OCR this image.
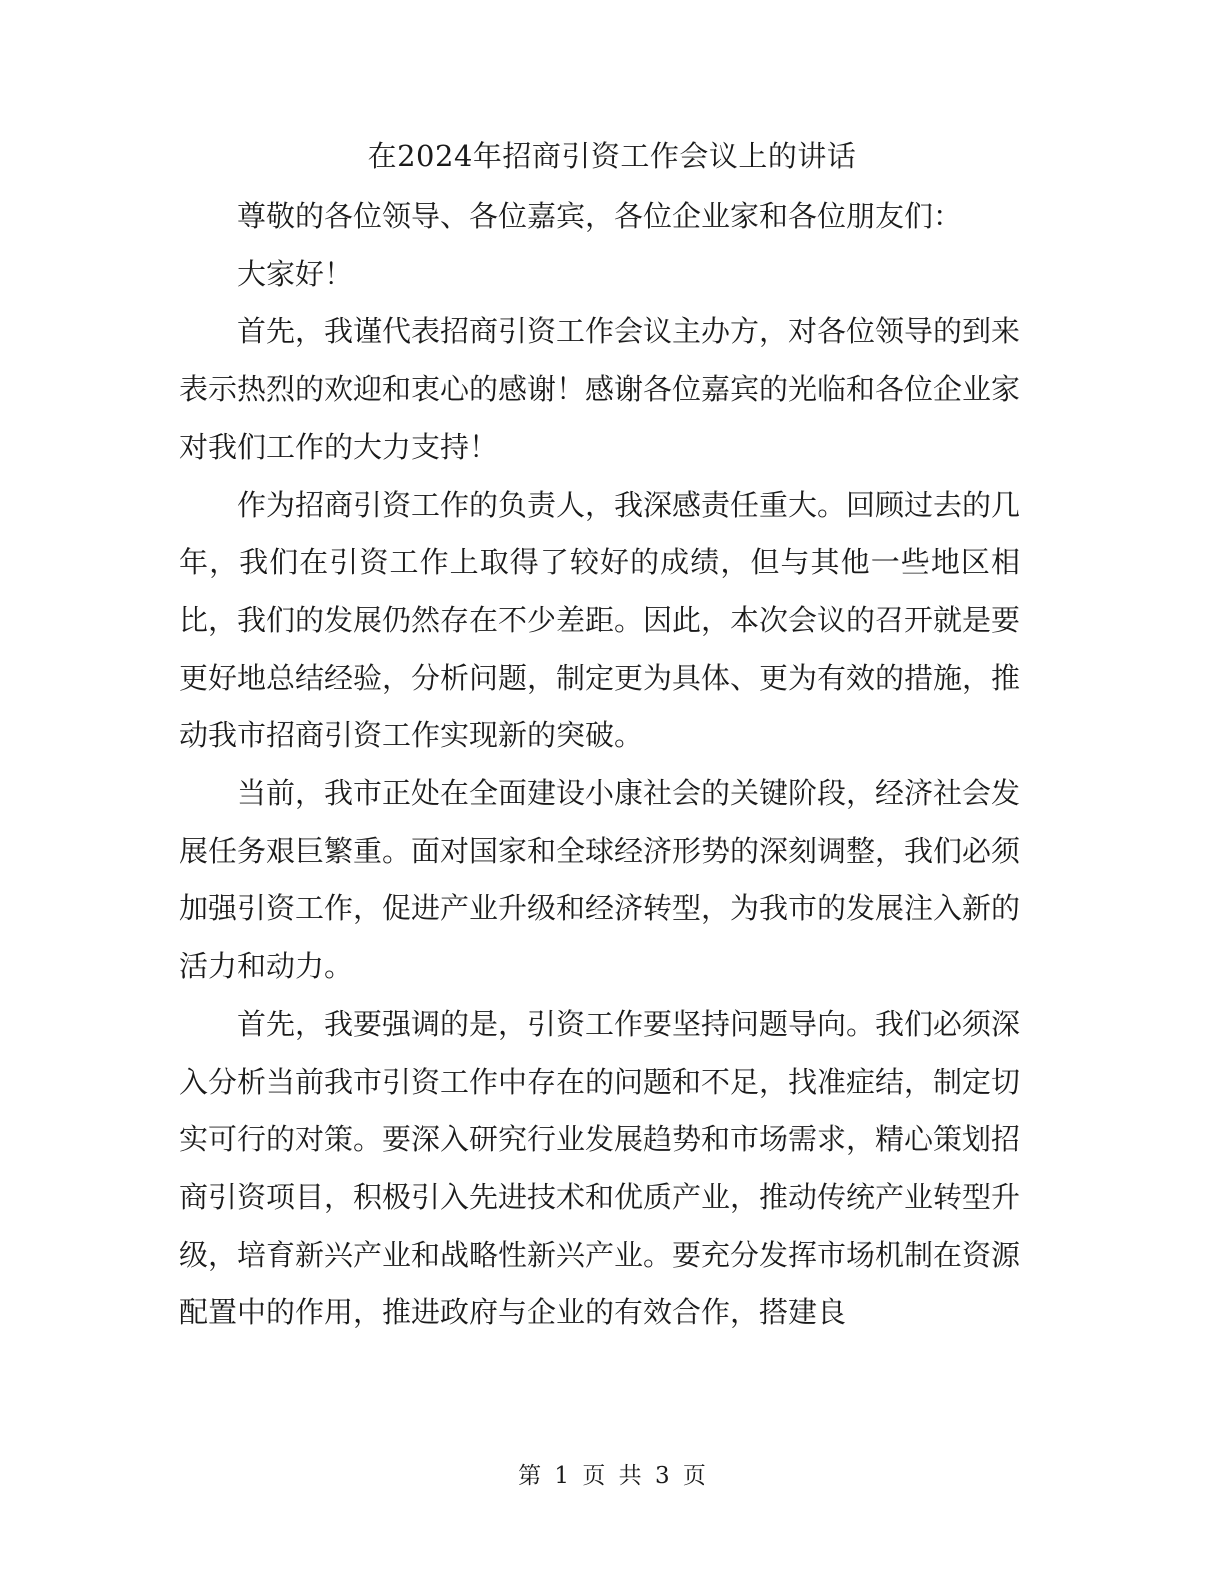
在2024年招商引资工作会议上的讲话

尊敬的各位领导、各位嘉宾，各位企业家和各位朋友们：

大家好！

首先，我谨代表招商引资工作会议主办方，对各位领导的到来表示热烈的欢迎和衷心的感谢！感谢各位嘉宾的光临和各位企业家对我们工作的大力支持！

作为招商引资工作的负责人，我深感责任重大。回顾过去的几年，我们在引资工作上取得了较好的成绩，但与其他一些地区相比，我们的发展仍然存在不少差距。因此，本次会议的召开就是要更好地总结经验，分析问题，制定更为具体、更为有效的措施，推动我市招商引资工作实现新的突破。

当前，我市正处在全面建设小康社会的关键阶段，经济社会发展任务艰巨繁重。面对国家和全球经济形势的深刻调整，我们必须加强引资工作，促进产业升级和经济转型，为我市的发展注入新的活力和动力。

首先，我要强调的是，引资工作要坚持问题导向。我们必须深入分析当前我市引资工作中存在的问题和不足，找准症结，制定切实可行的对策。要深入研究行业发展趋势和市场需求，精心策划招商引资项目，积极引入先进技术和优质产业，推动传统产业转型升级，培育新兴产业和战略性新兴产业。要充分发挥市场机制在资源配置中的作用，推进政府与企业的有效合作，搭建良

第 1 页 共 3 页
